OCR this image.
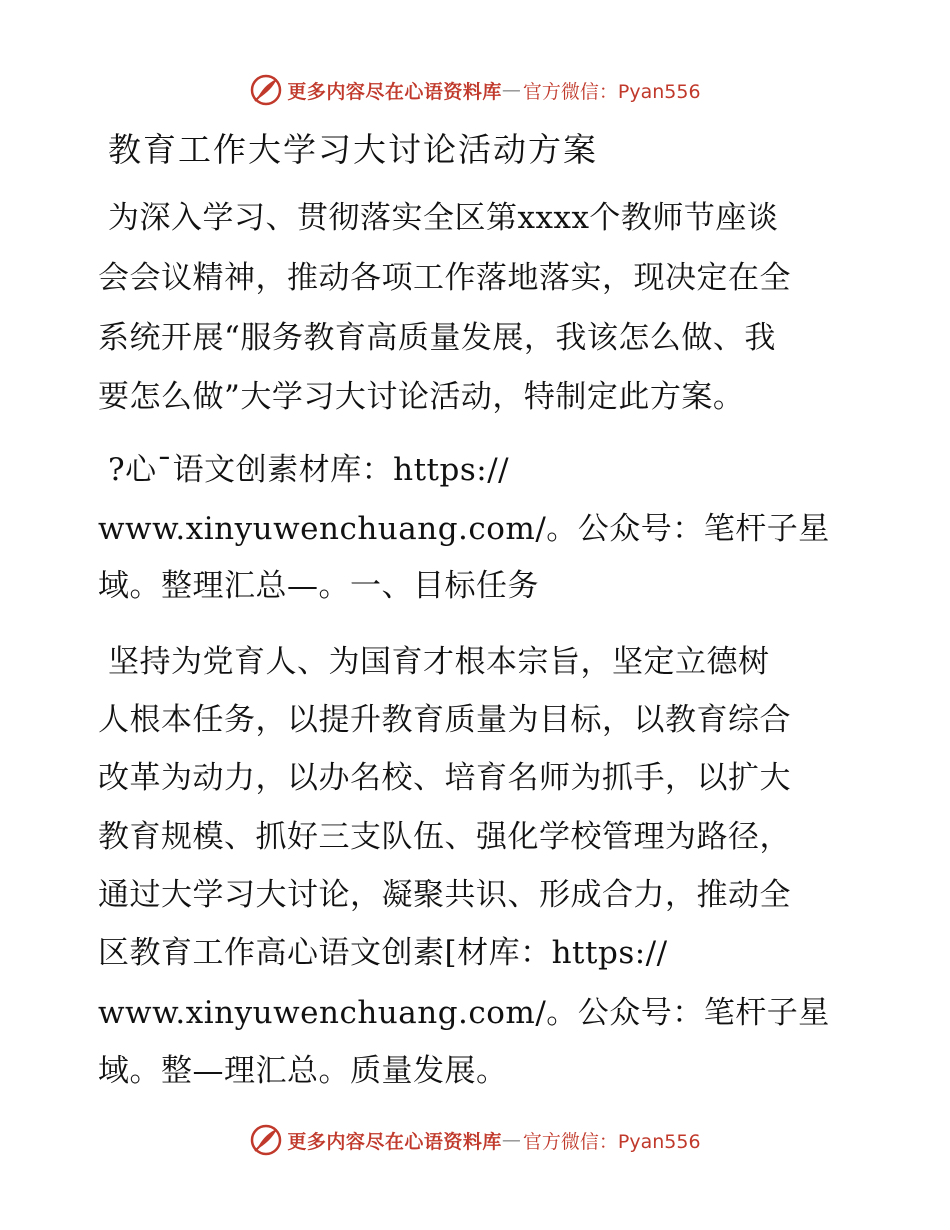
更多内容尽在心语资料库 — 官方微信：Pyan556
教育工作大学习大讨论活动方案
为深入学习、贯彻落实全区第xxxx个教师节座谈
会会议精神，推动各项工作落地落实，现决定在全
系统开展“服务教育高质量发展，我该怎么做、我
要怎么做”大学习大讨论活动，特制定此方案。
?心¯语文创素材库：https://
www.xinyuwenchuang.com/。公众号：笔杆子星
域。整理汇总—。一、目标任务
坚持为党育人、为国育才根本宗旨，坚定立德树
人根本任务，以提升教育质量为目标，以教育综合
改革为动力，以办名校、培育名师为抓手，以扩大
教育规模、抓好三支队伍、强化学校管理为路径，
通过大学习大讨论，凝聚共识、形成合力，推动全
区教育工作高心语文创素[材库：https://
www.xinyuwenchuang.com/。公众号：笔杆子星
域。整—理汇总。质量发展。
更多内容尽在心语资料库 — 官方微信：Pyan556
